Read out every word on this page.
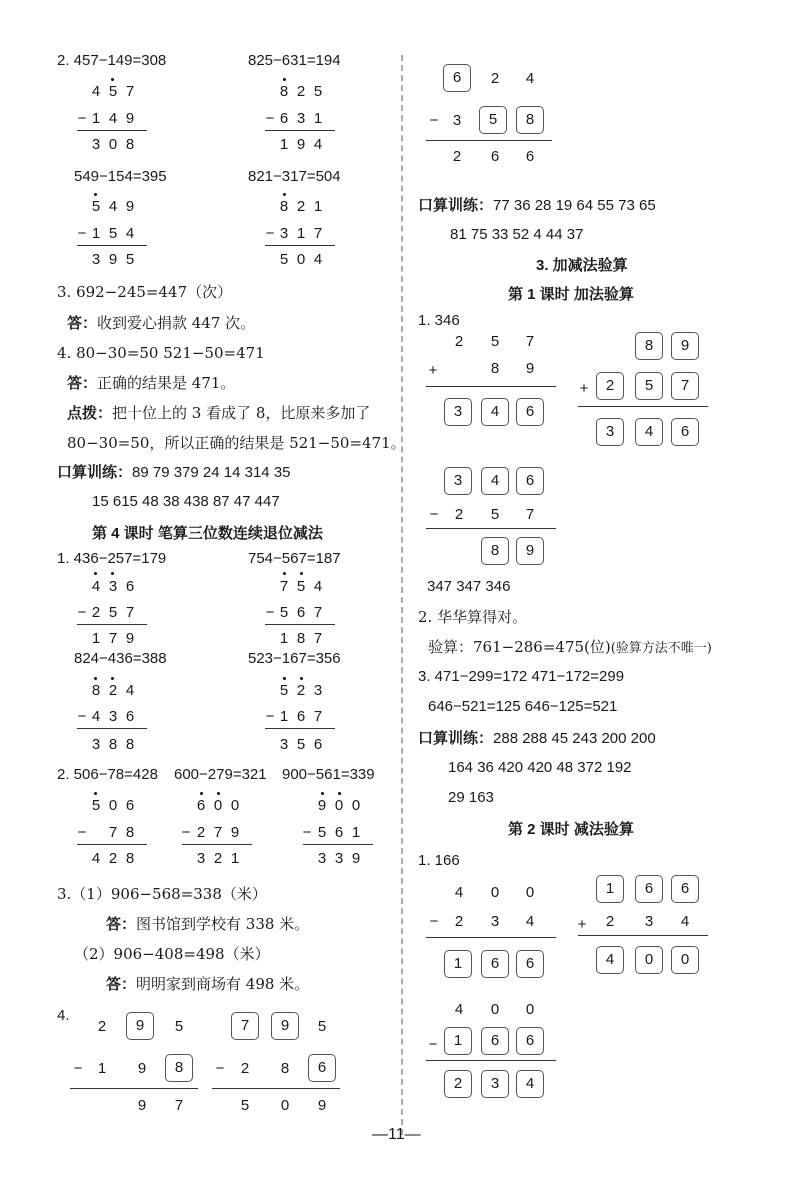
2. 457−149=308	825−631=194
4 5 7
− 1 4 9
3 0 8
8 2 5
− 6 3 1
1 9 4
549−154=395	821−317=504
5 4 9
− 1 5 4
3 9 5
8 2 1
− 3 1 7
5 0 4
3. 692−245=447（次）
答：收到爱心捐款 447 次。
4. 80−30=50 521−50=471
答：正确的结果是 471。
点拨：把十位上的 3 看成了 8，比原来多加了
80−30=50，所以正确的结果是 521−50=471。
口算训练：89 79 379 24 14 314 35
15 615 48 38 438 87 47 447
第 4 课时 笔算三位数连续退位减法
1. 436−257=179	754−567=187
4 3 6
− 2 5 7
1 7 9
7 5 4
− 5 6 7
1 8 7
824−436=388	523−167=356
8 2 4
− 4 3 6
3 8 8
5 2 3
− 1 6 7
3 5 6
2. 506−78=428 600−279=321 900−561=339
5 0 6
− 7 8
4 2 8
6 0 0
− 2 7 9
3 2 1
9 0 0
− 5 6 1
3 3 9
3.（1）906−568=338（米）
答：图书馆到学校有 338 米。
（2）906−408=498（米）
答：明明家到商场有 498 米。
4.
2	9	5
− 1 9	8
9 7
7	9	5
− 2 8	6
5 0 9
6	2 4
− 3	5	8
2 6 6
口算训练：77 36 28 19 64 55 73 65
81 75 33 52 4 44 37
3. 加减法验算
第 1 课时 加法验算
1. 346
2 5 7
+	8 9
3	4	6
8	9
+	2	5	7
3	4	6
3	4	6
− 2 5 7
8	9
347 347 346
2. 华华算得对。
验算：761−286=475(位)(验算方法不唯一)
3. 471−299=172 471−172=299
646−521=125 646−125=521
口算训练：288 288 45 243 200 200
164 36 420 420 48 372 192
29 163
第 2 课时 减法验算
1. 166
4 0 0
− 2 3 4
1	6	6
1	6	6
+ 2 3 4
4	0	0
4 0 0
−	1	6	6
2	3	4
—11—
